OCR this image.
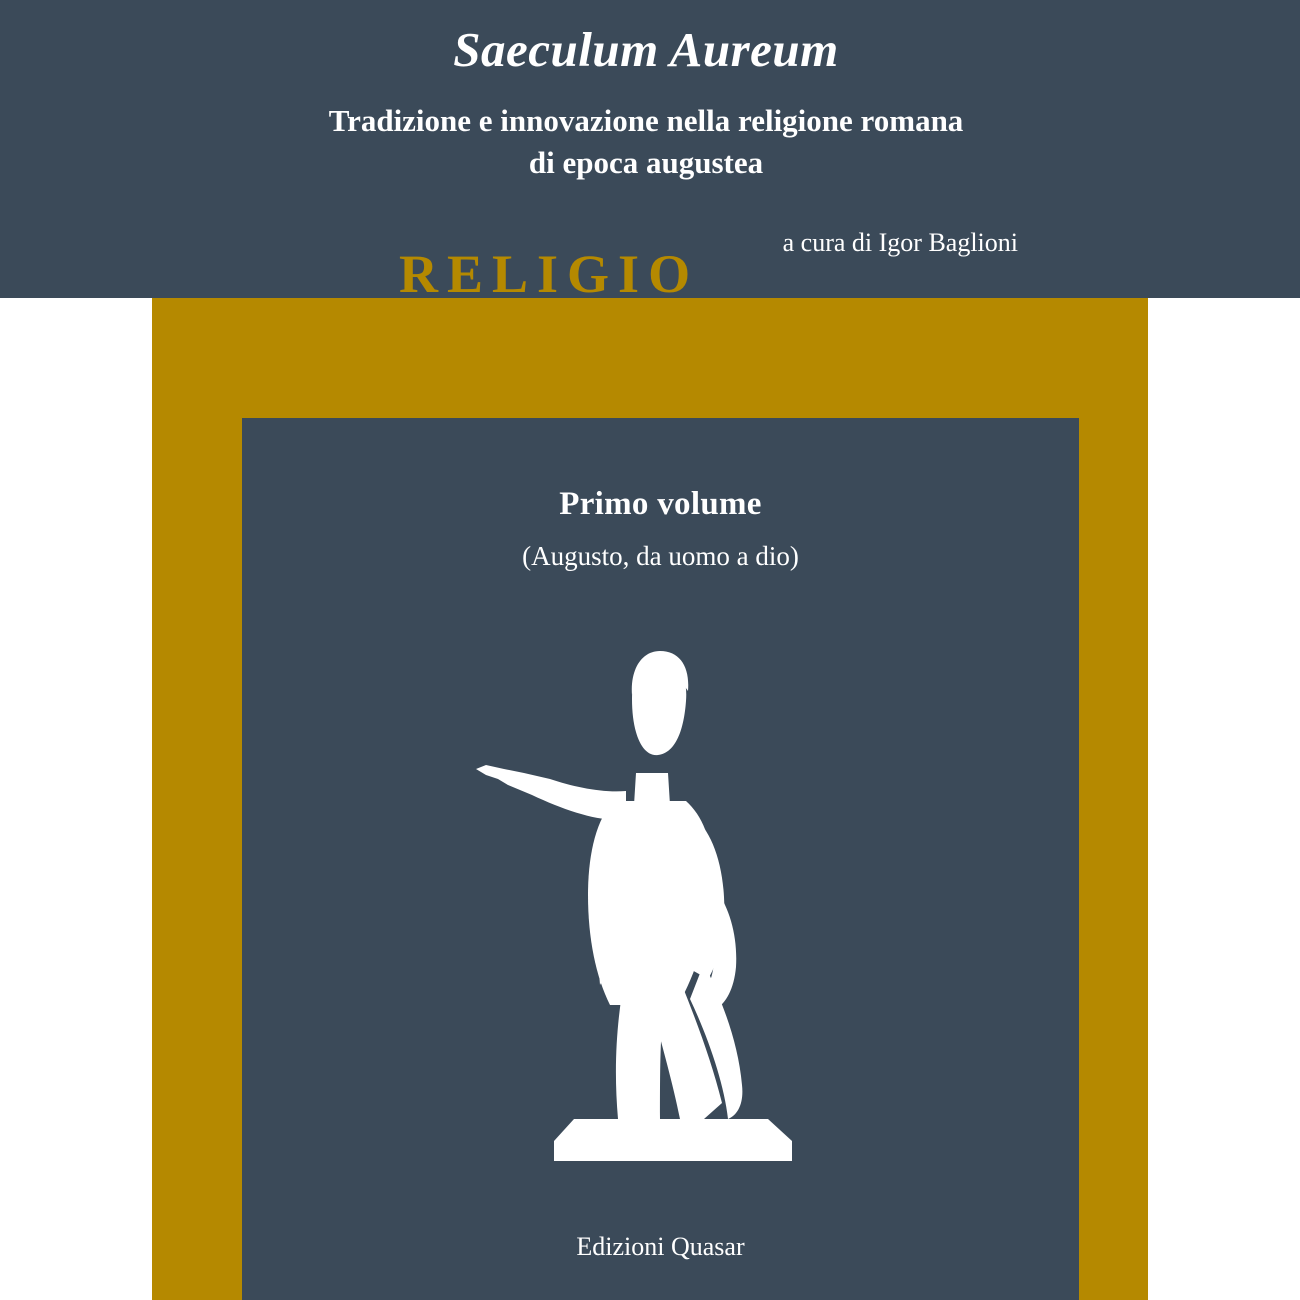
Saeculum Aureum
Tradizione e innovazione nella religione romana
di epoca augustea
a cura di Igor Baglioni
RELIGIO
Primo volume
(Augusto, da uomo a dio)
Edizioni Quasar
